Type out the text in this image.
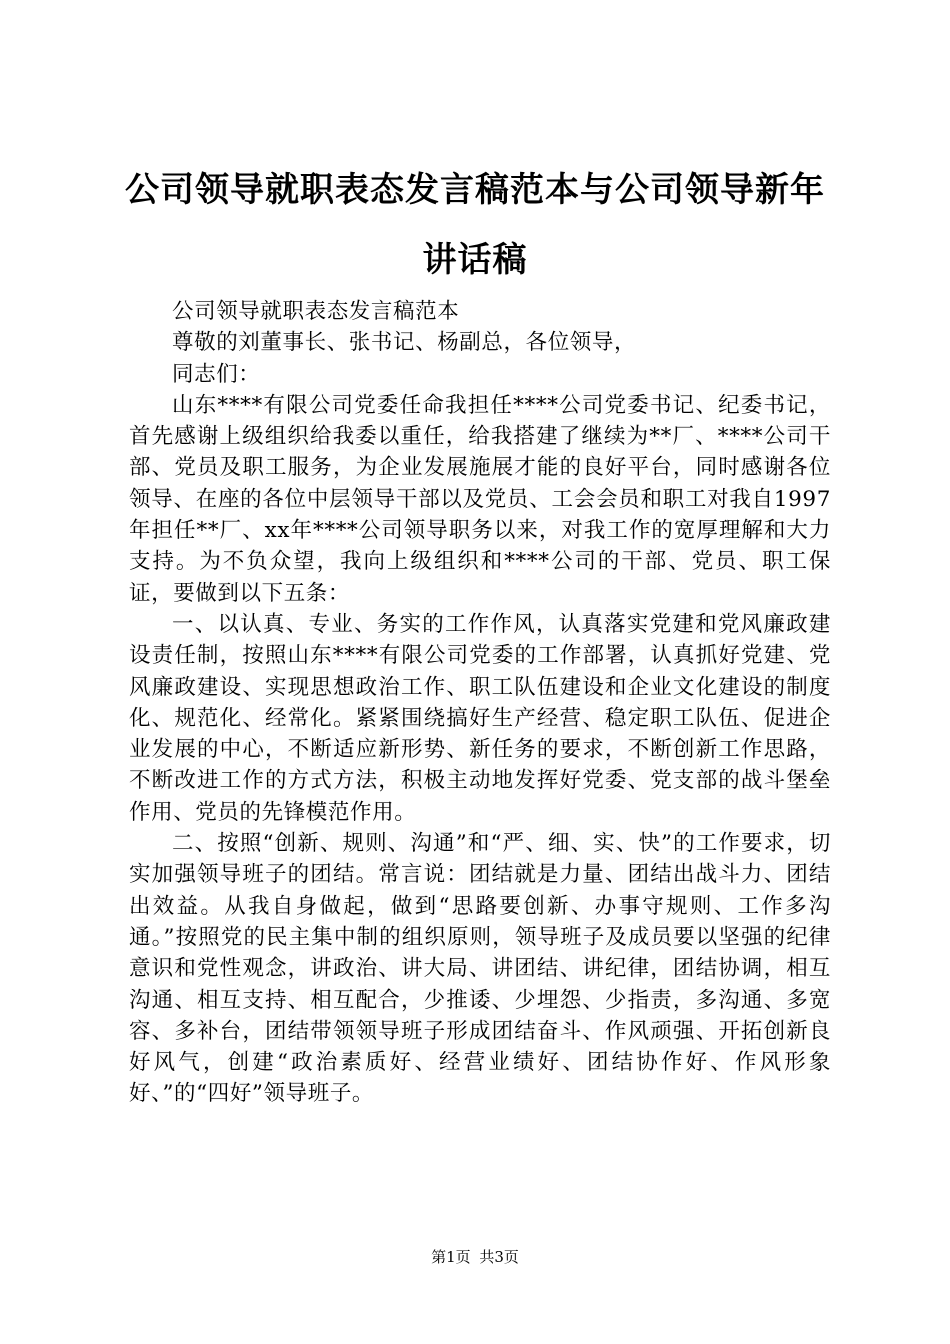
公司领导就职表态发言稿范本与公司领导新年讲话稿

公司领导就职表态发言稿范本

尊敬的刘董事长、张书记、杨副总，各位领导，

同志们：

山东****有限公司党委任命我担任****公司党委书记、纪委书记，首先感谢上级组织给我委以重任，给我搭建了继续为**厂、****公司干部、党员及职工服务，为企业发展施展才能的良好平台，同时感谢各位领导、在座的各位中层领导干部以及党员、工会会员和职工对我自1997年担任**厂、xx年****公司领导职务以来，对我工作的宽厚理解和大力支持。为不负众望，我向上级组织和****公司的干部、党员、职工保证，要做到以下五条：

一、以认真、专业、务实的工作作风，认真落实党建和党风廉政建设责任制，按照山东****有限公司党委的工作部署，认真抓好党建、党风廉政建设、实现思想政治工作、职工队伍建设和企业文化建设的制度化、规范化、经常化。紧紧围绕搞好生产经营、稳定职工队伍、促进企业发展的中心，不断适应新形势、新任务的要求，不断创新工作思路，不断改进工作的方式方法，积极主动地发挥好党委、党支部的战斗堡垒作用、党员的先锋模范作用。

二、按照“创新、规则、沟通”和“严、细、实、快”的工作要求，切实加强领导班子的团结。常言说：团结就是力量、团结出战斗力、团结出效益。从我自身做起，做到“思路要创新、办事守规则、工作多沟通。”按照党的民主集中制的组织原则，领导班子及成员要以坚强的纪律意识和党性观念，讲政治、讲大局、讲团结、讲纪律，团结协调，相互沟通、相互支持、相互配合，少推诿、少埋怨、少指责，多沟通、多宽容、多补台，团结带领领导班子形成团结奋斗、作风顽强、开拓创新良好风气，创建“政治素质好、经营业绩好、团结协作好、作风形象好、”的“四好”领导班子。

第1页 共3页
